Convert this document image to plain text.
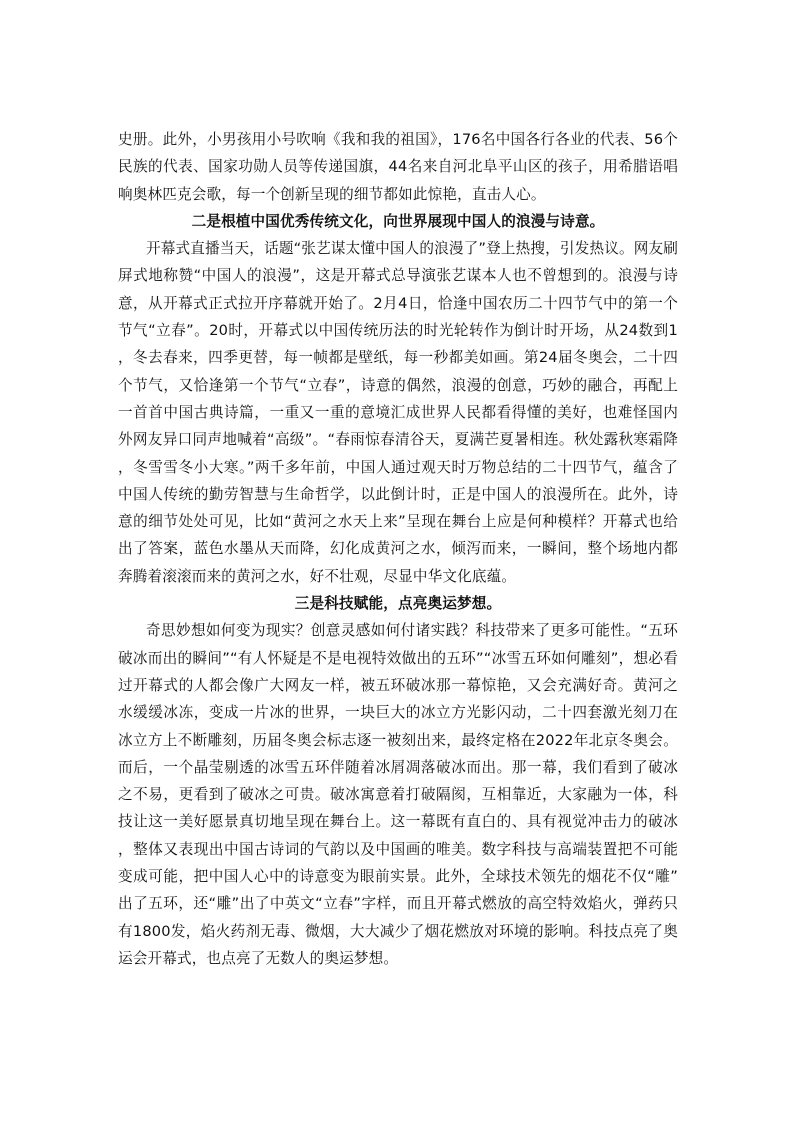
史册。此外，小男孩用小号吹响《我和我的祖国》，176名中国各行各业的代表、56个民族的代表、国家功勋人员等传递国旗，44名来自河北阜平山区的孩子，用希腊语唱响奥林匹克会歌，每一个创新呈现的细节都如此惊艳，直击人心。

二是根植中国优秀传统文化，向世界展现中国人的浪漫与诗意。

开幕式直播当天，话题“张艺谋太懂中国人的浪漫了”登上热搜，引发热议。网友刷屏式地称赞“中国人的浪漫”，这是开幕式总导演张艺谋本人也不曾想到的。浪漫与诗意，从开幕式正式拉开序幕就开始了。2月4日，恰逢中国农历二十四节气中的第一个节气“立春”。20时，开幕式以中国传统历法的时光轮转作为倒计时开场，从24数到1，冬去春来，四季更替，每一帧都是壁纸，每一秒都美如画。第24届冬奥会，二十四个节气，又恰逢第一个节气“立春”，诗意的偶然，浪漫的创意，巧妙的融合，再配上一首首中国古典诗篇，一重又一重的意境汇成世界人民都看得懂的美好，也难怪国内外网友异口同声地喊着“高级”。“春雨惊春清谷天，夏满芒夏暑相连。秋处露秋寒霜降，冬雪雪冬小大寒。”两千多年前，中国人通过观天时万物总结的二十四节气，蕴含了中国人传统的勤劳智慧与生命哲学，以此倒计时，正是中国人的浪漫所在。此外，诗意的细节处处可见，比如“黄河之水天上来”呈现在舞台上应是何种模样？开幕式也给出了答案，蓝色水墨从天而降，幻化成黄河之水，倾泻而来，一瞬间，整个场地内都奔腾着滚滚而来的黄河之水，好不壮观，尽显中华文化底蕴。

三是科技赋能，点亮奥运梦想。

奇思妙想如何变为现实？创意灵感如何付诸实践？科技带来了更多可能性。“五环破冰而出的瞬间”“有人怀疑是不是电视特效做出的五环”“冰雪五环如何雕刻”，想必看过开幕式的人都会像广大网友一样，被五环破冰那一幕惊艳，又会充满好奇。黄河之水缓缓冰冻，变成一片冰的世界，一块巨大的冰立方光影闪动，二十四套激光刻刀在冰立方上不断雕刻，历届冬奥会标志逐一被刻出来，最终定格在2022年北京冬奥会。而后，一个晶莹剔透的冰雪五环伴随着冰屑凋落破冰而出。那一幕，我们看到了破冰之不易，更看到了破冰之可贵。破冰寓意着打破隔阂，互相靠近，大家融为一体，科技让这一美好愿景真切地呈现在舞台上。这一幕既有直白的、具有视觉冲击力的破冰，整体又表现出中国古诗词的气韵以及中国画的唯美。数字科技与高端装置把不可能变成可能，把中国人心中的诗意变为眼前实景。此外，全球技术领先的烟花不仅“雕”出了五环，还“雕”出了中英文“立春”字样，而且开幕式燃放的高空特效焰火，弹药只有1800发，焰火药剂无毒、微烟，大大减少了烟花燃放对环境的影响。科技点亮了奥运会开幕式，也点亮了无数人的奥运梦想。
